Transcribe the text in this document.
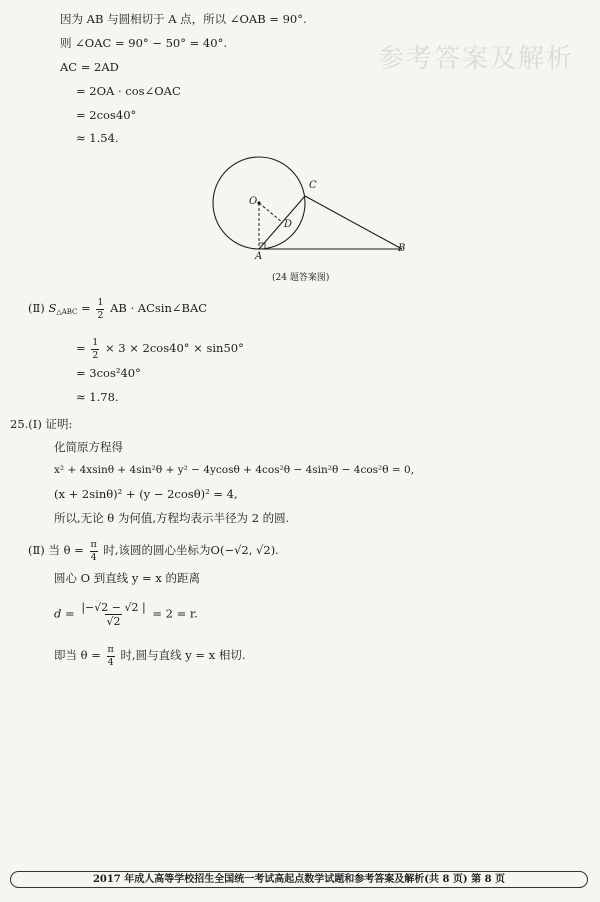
参考答案及解析
因为 AB 与圆相切于 A 点，所以 ∠OAB = 90°.
则 ∠OAC = 90° − 50° = 40°.
AC = 2AD
= 2OA · cos∠OAC
= 2cos40°
≈ 1.54.
O
C
D
A
B
(24 题答案图)
(Ⅱ) $S_{\triangle ABC} = \frac{1}{2}$ AB · ACsin∠BAC
= $\frac{1}{2} \times 3 \times 2\cos 40^\circ \times \sin 50^\circ$
= 3cos²40°
≈ 1.78.
25.(Ⅰ) 证明:
化简原方程得
x² + 4xsinθ + 4sin²θ + y² − 4ycosθ + 4cos²θ − 4sin²θ − 4cos²θ = 0,
(x + 2sinθ)² + (y − 2cosθ)² = 4,
所以,无论 θ 为何值,方程均表示半径为 2 的圆.
(Ⅱ) 当 $\theta = \frac{\pi}{4}$ 时,该圆的圆心坐标为O(−√2, √2).
圆心 O 到直线 y = x 的距离
$d = \frac{|-√2 - √2 |}{√2} = 2 = r$.
即当 $\theta = \frac{\pi}{4}$ 时,圆与直线 y = x 相切.
2017 年成人高等学校招生全国统一考试高起点数学试题和参考答案及解析(共 8 页) 第 8 页
